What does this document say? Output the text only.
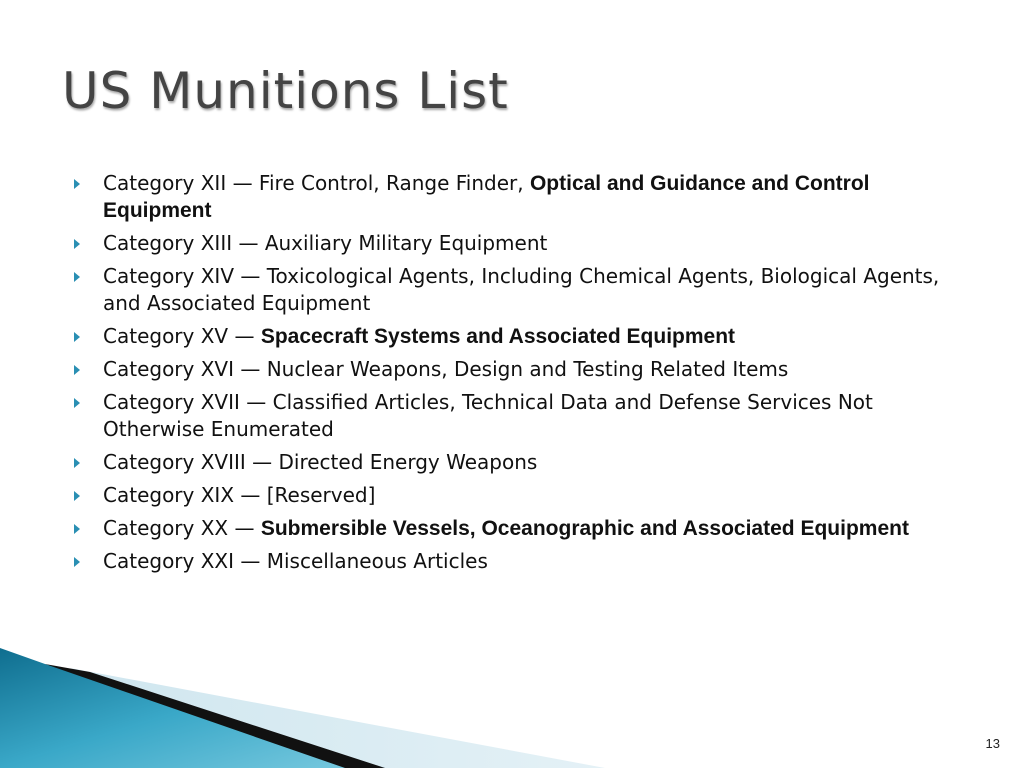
US Munitions List
Category XII — Fire Control, Range Finder, Optical and Guidance and Control Equipment
Category XIII — Auxiliary Military Equipment
Category XIV — Toxicological Agents, Including Chemical Agents, Biological Agents, and Associated Equipment
Category XV — Spacecraft Systems and Associated Equipment
Category XVI — Nuclear Weapons, Design and Testing Related Items
Category XVII — Classified Articles, Technical Data and Defense Services Not Otherwise Enumerated
Category XVIII — Directed Energy Weapons
Category XIX — [Reserved]
Category XX — Submersible Vessels, Oceanographic and Associated Equipment
Category XXI — Miscellaneous Articles
13
